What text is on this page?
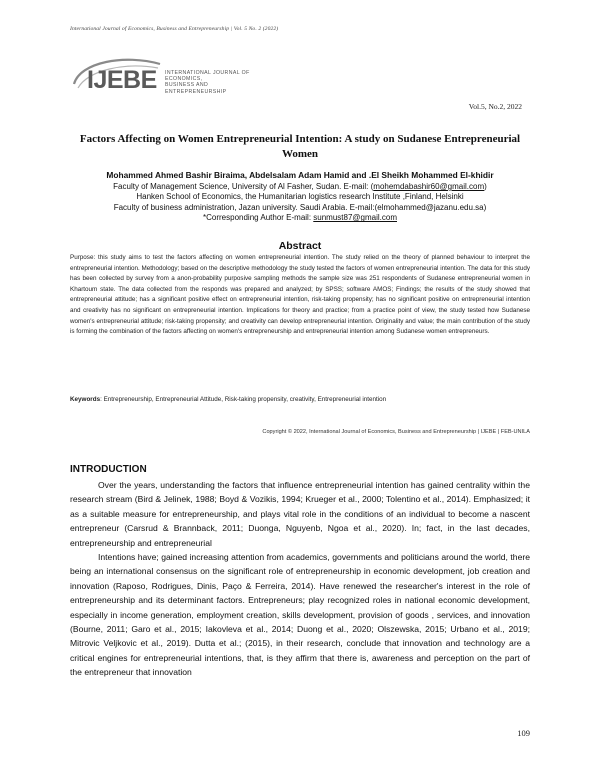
International Journal of Economics, Business and Entrepreneurship | Vol. 5 No. 2 (2022)
IJEBE INTERNATIONAL JOURNAL OF
ECONOMICS,
BUSINESS AND
ENTREPRENEURSHIP
Vol.5, No.2, 2022
Factors Affecting on Women Entrepreneurial Intention: A study on Sudanese Entrepreneurial Women
Mohammed Ahmed Bashir Biraima, Abdelsalam Adam Hamid and .El Sheikh Mohammed El-khidir
Faculty of Management Science, University of Al Fasher, Sudan. E-mail: (mohemdabashir60@gmail.com)
Hanken School of Economics, the Humanitarian logistics research Institute ,Finland, Helsinki
Faculty of business administration, Jazan university. Saudi Arabia. E-mail:(elmohammed@jazanu.edu.sa)
*Corresponding Author E-mail: sunmust87@gmail.com
Abstract
Purpose: this study aims to test the factors affecting on women entrepreneurial intention. The study relied on the theory of planned behaviour to interpret the entrepreneurial intention. Methodology; based on the descriptive methodology the study tested the factors of women entrepreneurial intention. The data for this study has been collected by survey from a anon-probability purposive sampling methods the sample size was 251 respondents of Sudanese entrepreneurial women in Khartoum state. The data collected from the responds was prepared and analyzed; by SPSS; software AMOS; Findings; the results of the study showed that entrepreneurial attitude; has a significant positive effect on entrepreneurial intention, risk-taking propensity; has no significant positive on entrepreneurial intention and creativity has no significant on entrepreneurial intention. Implications for theory and practice; from a practice point of view, the study tested how Sudanese women's entrepreneurial attitude; risk-taking propensity; and creativity can develop entrepreneurial intention. Originality and value; the main contribution of the study is forming the combination of the factors affecting on women's entrepreneurship and entrepreneurial intention among Sudanese women entrepreneurs.
Keywords: Entrepreneurship, Entrepreneurial Attitude, Risk-taking propensity, creativity, Entrepreneurial intention
Copyright © 2022, International Journal of Economics, Business and Entrepreneurship | IJEBE | FEB-UNILA
INTRODUCTION

Over the years, understanding the factors that influence entrepreneurial intention has gained centrality within the research stream (Bird & Jelinek, 1988; Boyd & Vozikis, 1994; Krueger et al., 2000; Tolentino et al., 2014). Emphasized; it as a suitable measure for entrepreneurship, and plays vital role in the conditions of an individual to become a nascent entrepreneur (Carsrud & Brannback, 2011; Duonga, Nguyenb, Ngoa et al., 2020). In; fact, in the last decades, entrepreneurship and entrepreneurial

Intentions have; gained increasing attention from academics, governments and politicians around the world, there being an international consensus on the significant role of entrepreneurship in economic development, job creation and innovation (Raposo, Rodrigues, Dinis, Paço & Ferreira, 2014). Have renewed the researcher's interest in the role of entrepreneurship and its determinant factors. Entrepreneurs; play recognized roles in national economic development, especially in income generation, employment creation, skills development, provision of goods , services, and innovation (Bourne, 2011; Garo et al., 2015; Iakovleva et al., 2014; Duong et al., 2020; Olszewska, 2015; Urbano et al., 2019; Mitrovic Veljkovic et al., 2019). Dutta et al.; (2015), in their research, conclude that innovation and technology are a critical engines for entrepreneurial intentions, that, is they affirm that there is, awareness and perception on the part of the entrepreneur that innovation

109
